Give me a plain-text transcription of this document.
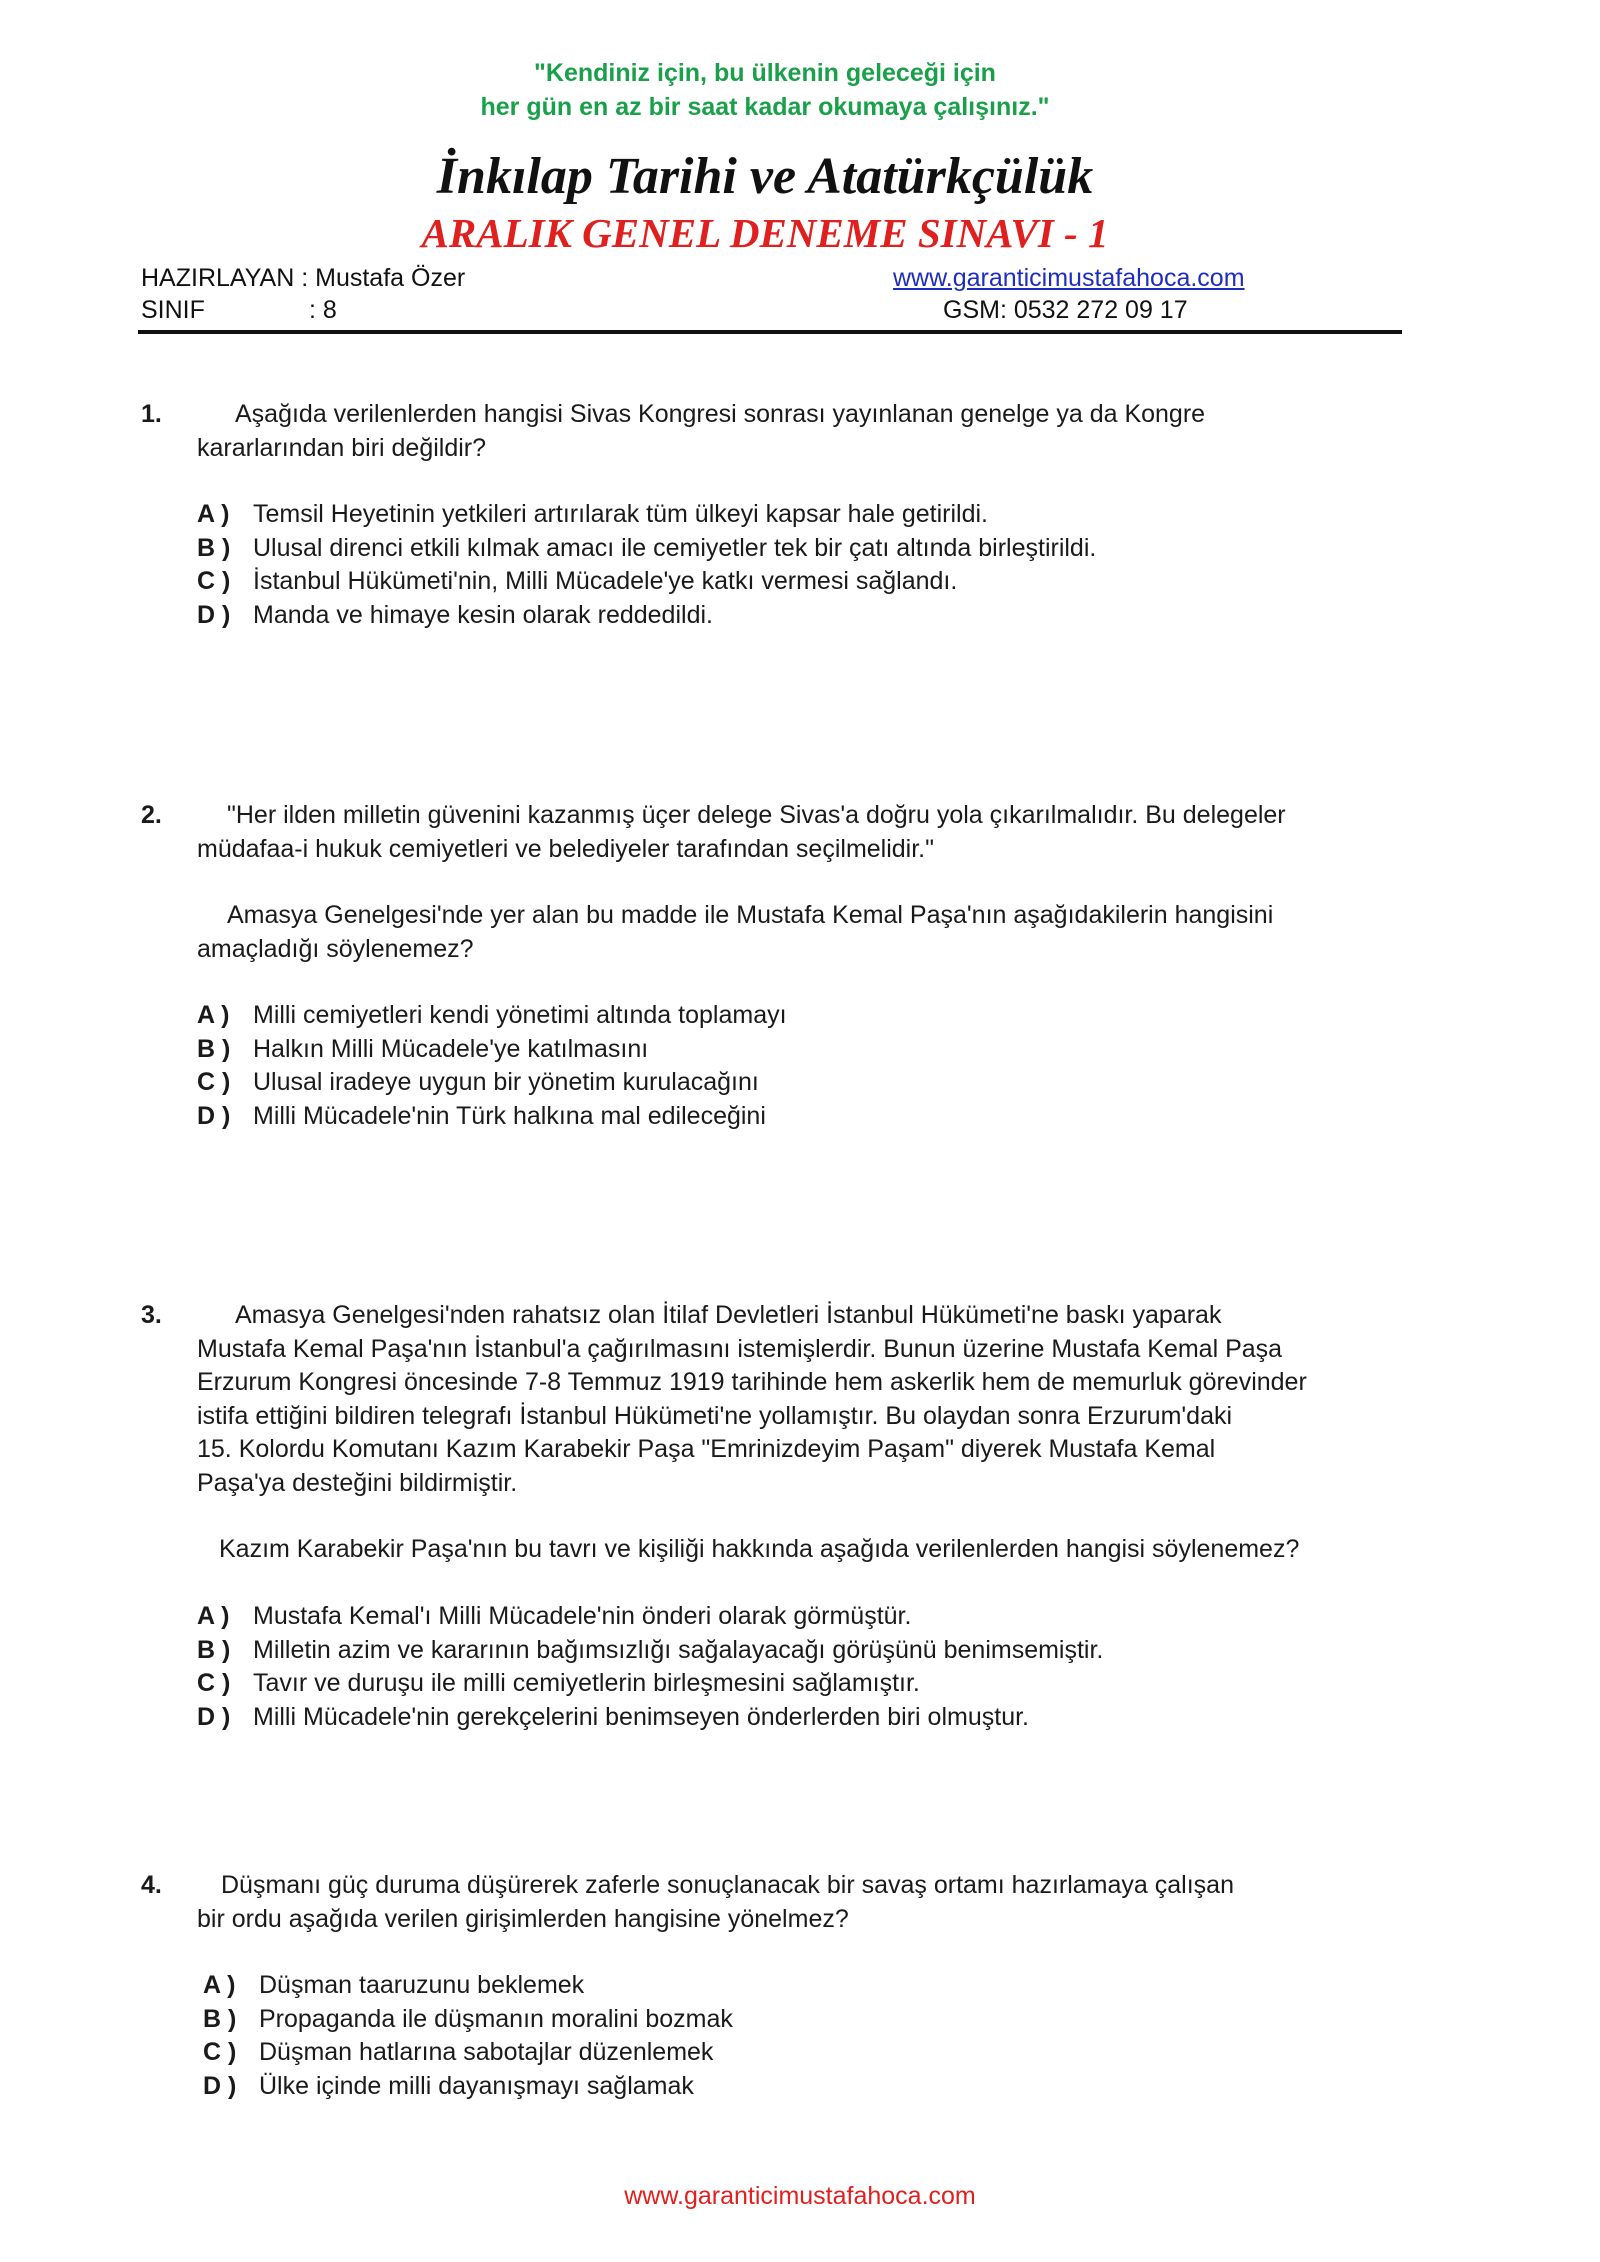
"Kendiniz için, bu ülkenin geleceği için
her gün en az bir saat kadar okumaya çalışınız."
İnkılap Tarihi ve Atatürkçülük
ARALIK GENEL DENEME SINAVI - 1
HAZIRLAYAN : Mustafa Özer
SINIF	: 8
www.garanticimustafahoca.com
GSM: 0532 272 09 17
1.	Aşağıda verilenlerden hangisi Sivas Kongresi sonrası yayınlanan genelge ya da Kongre
kararlarından biri değildir?
A ) Temsil Heyetinin yetkileri artırılarak tüm ülkeyi kapsar hale getirildi.
B ) Ulusal direnci etkili kılmak amacı ile cemiyetler tek bir çatı altında birleştirildi.
C ) İstanbul Hükümeti'nin, Milli Mücadele'ye katkı vermesi sağlandı.
D ) Manda ve himaye kesin olarak reddedildi.
2.	"Her ilden milletin güvenini kazanmış üçer delege Sivas'a doğru yola çıkarılmalıdır. Bu delegeler
müdafaa-i hukuk cemiyetleri ve belediyeler tarafından seçilmelidir."
Amasya Genelgesi'nde yer alan bu madde ile Mustafa Kemal Paşa'nın aşağıdakilerin hangisini
amaçladığı söylenemez?
A ) Milli cemiyetleri kendi yönetimi altında toplamayı
B ) Halkın Milli Mücadele'ye katılmasını
C ) Ulusal iradeye uygun bir yönetim kurulacağını
D ) Milli Mücadele'nin Türk halkına mal edileceğini
3.	Amasya Genelgesi'nden rahatsız olan İtilaf Devletleri İstanbul Hükümeti'ne baskı yaparak
Mustafa Kemal Paşa'nın İstanbul'a çağırılmasını istemişlerdir. Bunun üzerine Mustafa Kemal Paşa
Erzurum Kongresi öncesinde 7-8 Temmuz 1919 tarihinde hem askerlik hem de memurluk görevinder
istifa ettiğini bildiren telegrafı İstanbul Hükümeti'ne yollamıştır. Bu olaydan sonra Erzurum'daki
15. Kolordu Komutanı Kazım Karabekir Paşa "Emrinizdeyim Paşam" diyerek Mustafa Kemal
Paşa'ya desteğini bildirmiştir.
Kazım Karabekir Paşa'nın bu tavrı ve kişiliği hakkında aşağıda verilenlerden hangisi söylenemez?
A ) Mustafa Kemal'ı Milli Mücadele'nin önderi olarak görmüştür.
B ) Milletin azim ve kararının bağımsızlığı sağalayacağı görüşünü benimsemiştir.
C ) Tavır ve duruşu ile milli cemiyetlerin birleşmesini sağlamıştır.
D ) Milli Mücadele'nin gerekçelerini benimseyen önderlerden biri olmuştur.
4.	Düşmanı güç duruma düşürerek zaferle sonuçlanacak bir savaş ortamı hazırlamaya çalışan
bir ordu aşağıda verilen girişimlerden hangisine yönelmez?
A ) Düşman taaruzunu beklemek
B ) Propaganda ile düşmanın moralini bozmak
C ) Düşman hatlarına sabotajlar düzenlemek
D ) Ülke içinde milli dayanışmayı sağlamak
www.garanticimustafahoca.com
